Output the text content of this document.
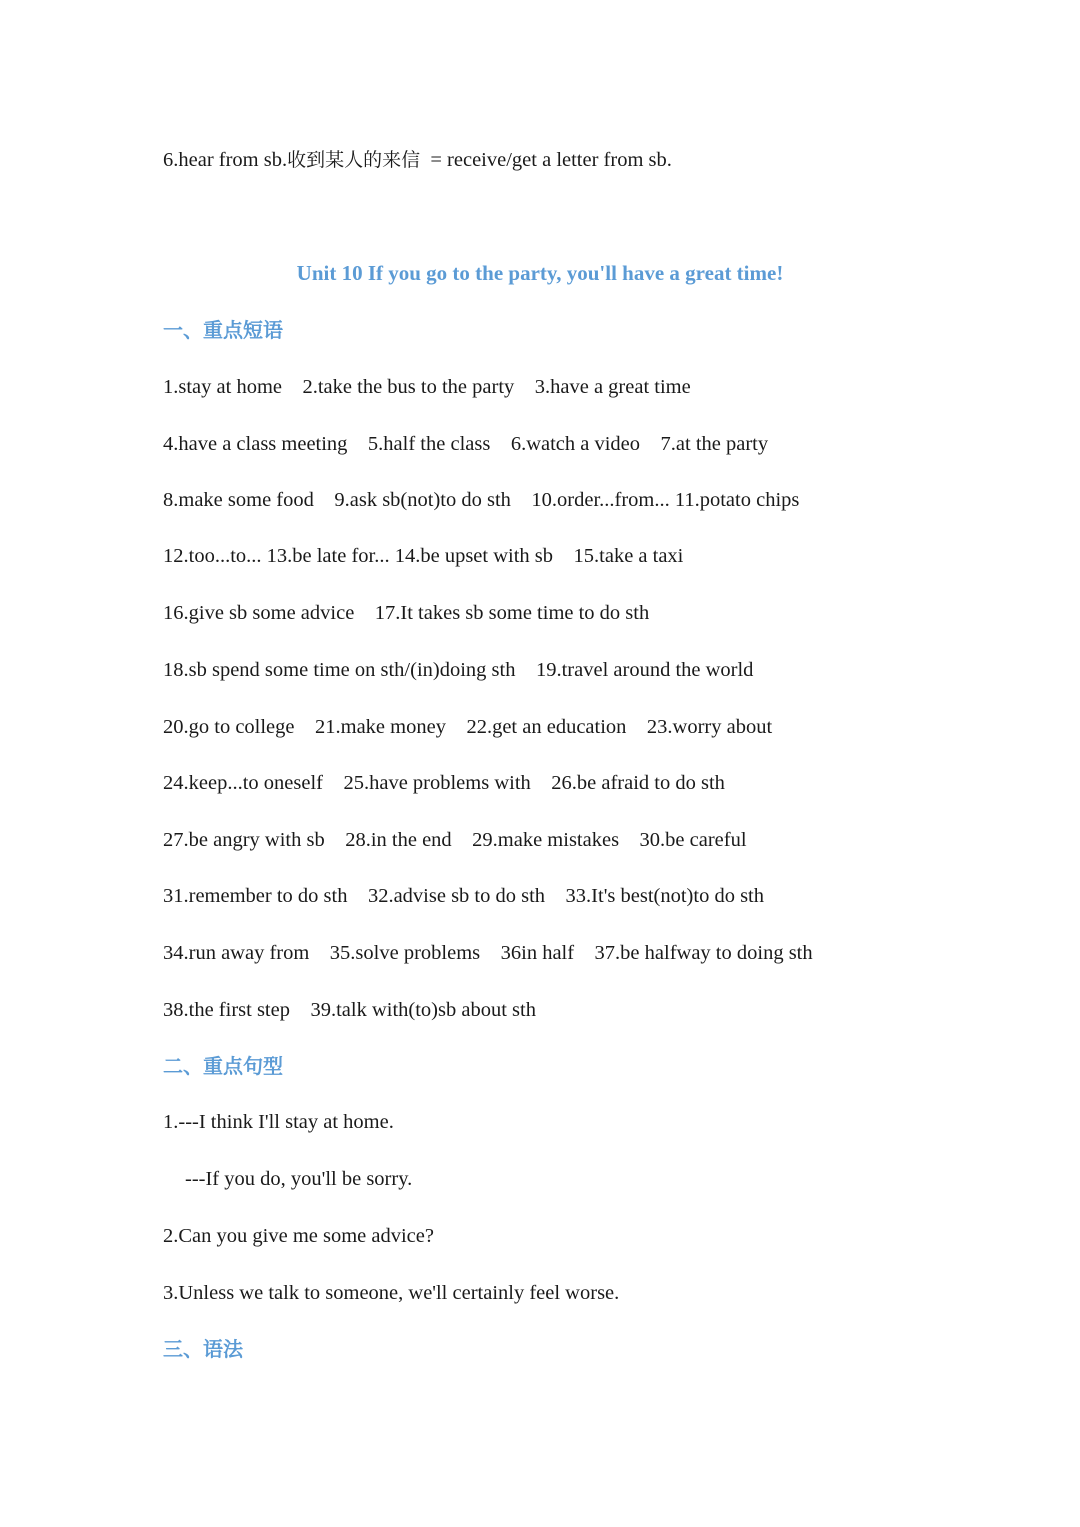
6.hear from sb.收到某人的来信  = receive/get a letter from sb.
Unit 10 If you go to the party, you'll have a great time!
一、重点短语
1.stay at home    2.take the bus to the party    3.have a great time
4.have a class meeting    5.half the class    6.watch a video    7.at the party
8.make some food    9.ask sb(not)to do sth    10.order...from... 11.potato chips
12.too...to... 13.be late for... 14.be upset with sb    15.take a taxi
16.give sb some advice    17.It takes sb some time to do sth
18.sb spend some time on sth/(in)doing sth    19.travel around the world
20.go to college    21.make money    22.get an education    23.worry about
24.keep...to oneself    25.have problems with    26.be afraid to do sth
27.be angry with sb    28.in the end    29.make mistakes    30.be careful
31.remember to do sth    32.advise sb to do sth    33.It's best(not)to do sth
34.run away from    35.solve problems    36in half    37.be halfway to doing sth
38.the first step    39.talk with(to)sb about sth
二、重点句型
1.---I think I'll stay at home.
---If you do, you'll be sorry.
2.Can you give me some advice?
3.Unless we talk to someone, we'll certainly feel worse.
三、语法
